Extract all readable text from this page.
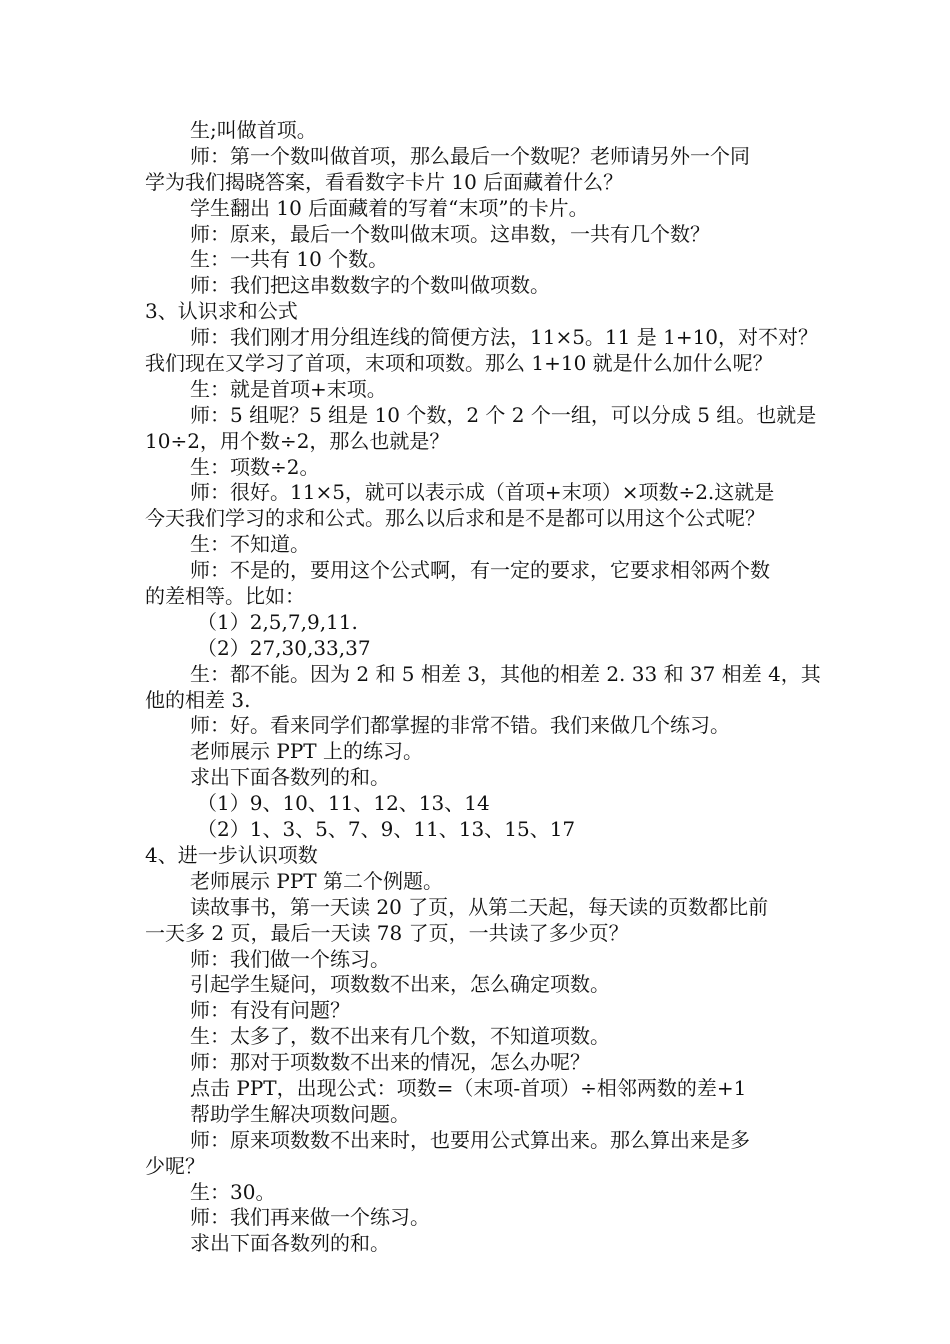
生;叫做首项。
师：第一个数叫做首项，那么最后一个数呢？老师请另外一个同
学为我们揭晓答案，看看数字卡片 10 后面藏着什么？
学生翻出 10 后面藏着的写着“末项”的卡片。
师：原来，最后一个数叫做末项。这串数，一共有几个数？
生：一共有 10 个数。
师：我们把这串数数字的个数叫做项数。
3、认识求和公式
师：我们刚才用分组连线的简便方法，11×5。11 是 1+10，对不对？
我们现在又学习了首项，末项和项数。那么 1+10 就是什么加什么呢？
生：就是首项+末项。
师：5 组呢？5 组是 10 个数，2 个 2 个一组，可以分成 5 组。也就是
10÷2，用个数÷2，那么也就是？
生：项数÷2。
师：很好。11×5，就可以表示成（首项+末项）×项数÷2.这就是
今天我们学习的求和公式。那么以后求和是不是都可以用这个公式呢？
生：不知道。
师：不是的，要用这个公式啊，有一定的要求，它要求相邻两个数
的差相等。比如：
（1）2,5,7,9,11.
（2）27,30,33,37
生：都不能。因为 2 和 5 相差 3，其他的相差 2. 33 和 37 相差 4，其
他的相差 3.
师：好。看来同学们都掌握的非常不错。我们来做几个练习。
老师展示 PPT 上的练习。
求出下面各数列的和。
（1）9、10、11、12、13、14
（2）1、3、5、7、9、11、13、15、17
4、进一步认识项数
老师展示 PPT 第二个例题。
读故事书，第一天读 20 了页，从第二天起，每天读的页数都比前
一天多 2 页，最后一天读 78 了页，一共读了多少页？
师：我们做一个练习。
引起学生疑问，项数数不出来，怎么确定项数。
师：有没有问题？
生：太多了，数不出来有几个数，不知道项数。
师：那对于项数数不出来的情况，怎么办呢？
点击 PPT，出现公式：项数=（末项-首项）÷相邻两数的差+1
帮助学生解决项数问题。
师：原来项数数不出来时，也要用公式算出来。那么算出来是多
少呢？
生：30。
师：我们再来做一个练习。
求出下面各数列的和。
